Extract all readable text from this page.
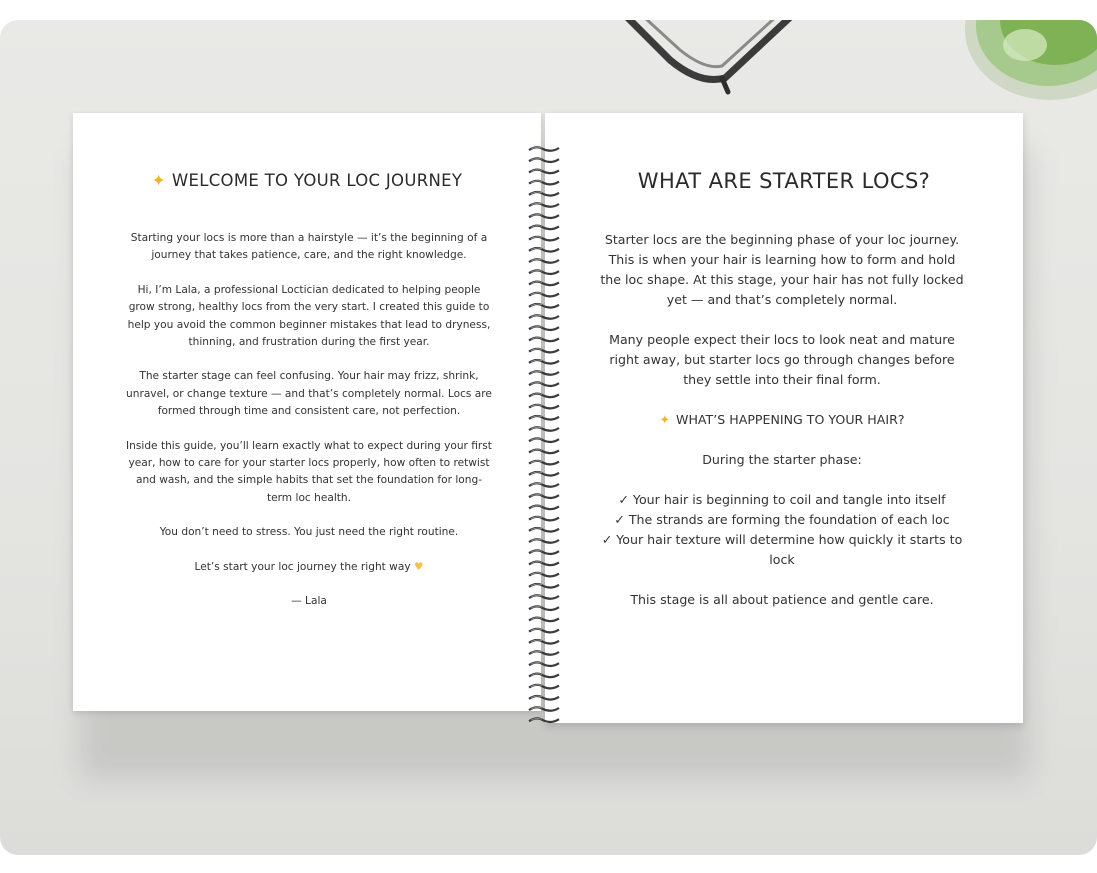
✦ WELCOME TO YOUR LOC JOURNEY

Starting your locs is more than a hairstyle — it’s the beginning of a journey that takes patience, care, and the right knowledge.

Hi, I’m Lala, a professional Loctician dedicated to helping people grow strong, healthy locs from the very start. I created this guide to help you avoid the common beginner mistakes that lead to dryness, thinning, and frustration during the first year.

The starter stage can feel confusing. Your hair may frizz, shrink, unravel, or change texture — and that’s completely normal. Locs are formed through time and consistent care, not perfection.

Inside this guide, you’ll learn exactly what to expect during your first year, how to care for your starter locs properly, how often to retwist and wash, and the simple habits that set the foundation for long-term loc health.

You don’t need to stress. You just need the right routine.

Let’s start your loc journey the right way ♥

— Lala

WHAT ARE STARTER LOCS?

Starter locs are the beginning phase of your loc journey. This is when your hair is learning how to form and hold the loc shape. At this stage, your hair has not fully locked yet — and that’s completely normal.

Many people expect their locs to look neat and mature right away, but starter locs go through changes before they settle into their final form.

✦ WHAT’S HAPPENING TO YOUR HAIR?

During the starter phase:

✓ Your hair is beginning to coil and tangle into itself
✓ The strands are forming the foundation of each loc
✓ Your hair texture will determine how quickly it starts to lock

This stage is all about patience and gentle care.
